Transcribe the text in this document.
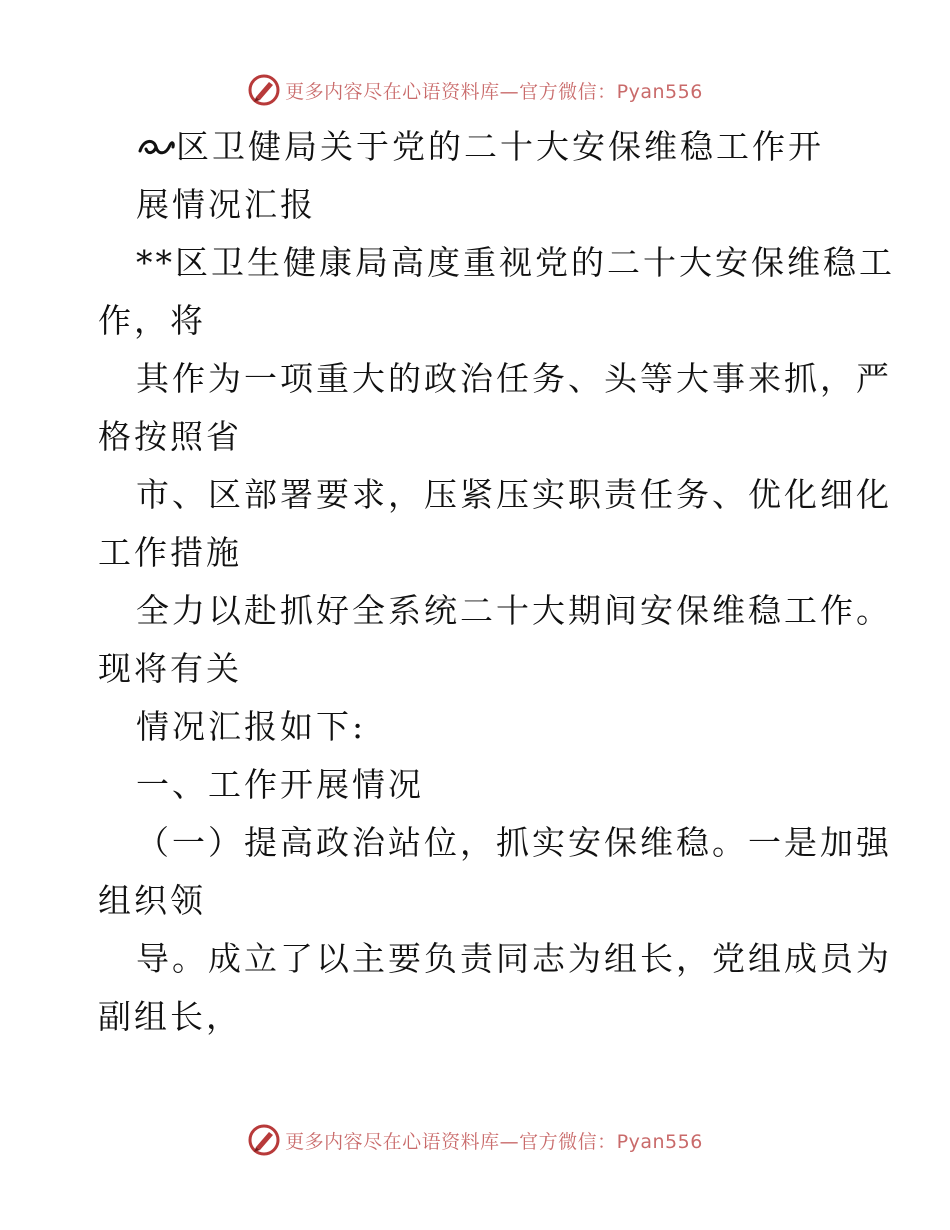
更多内容尽在心语资料库—官方微信：Pyan556
区卫健局关于党的二十大安保维稳工作开
展情况汇报
**区卫生健康局高度重视党的二十大安保维稳工
作，将
其作为一项重大的政治任务、头等大事来抓，严
格按照省
市、区部署要求，压紧压实职责任务、优化细化
工作措施
全力以赴抓好全系统二十大期间安保维稳工作。
现将有关
情况汇报如下:
一、工作开展情况
（一）提高政治站位，抓实安保维稳。一是加强
组织领
导。成立了以主要负责同志为组长，党组成员为
副组长，
更多内容尽在心语资料库—官方微信：Pyan556
